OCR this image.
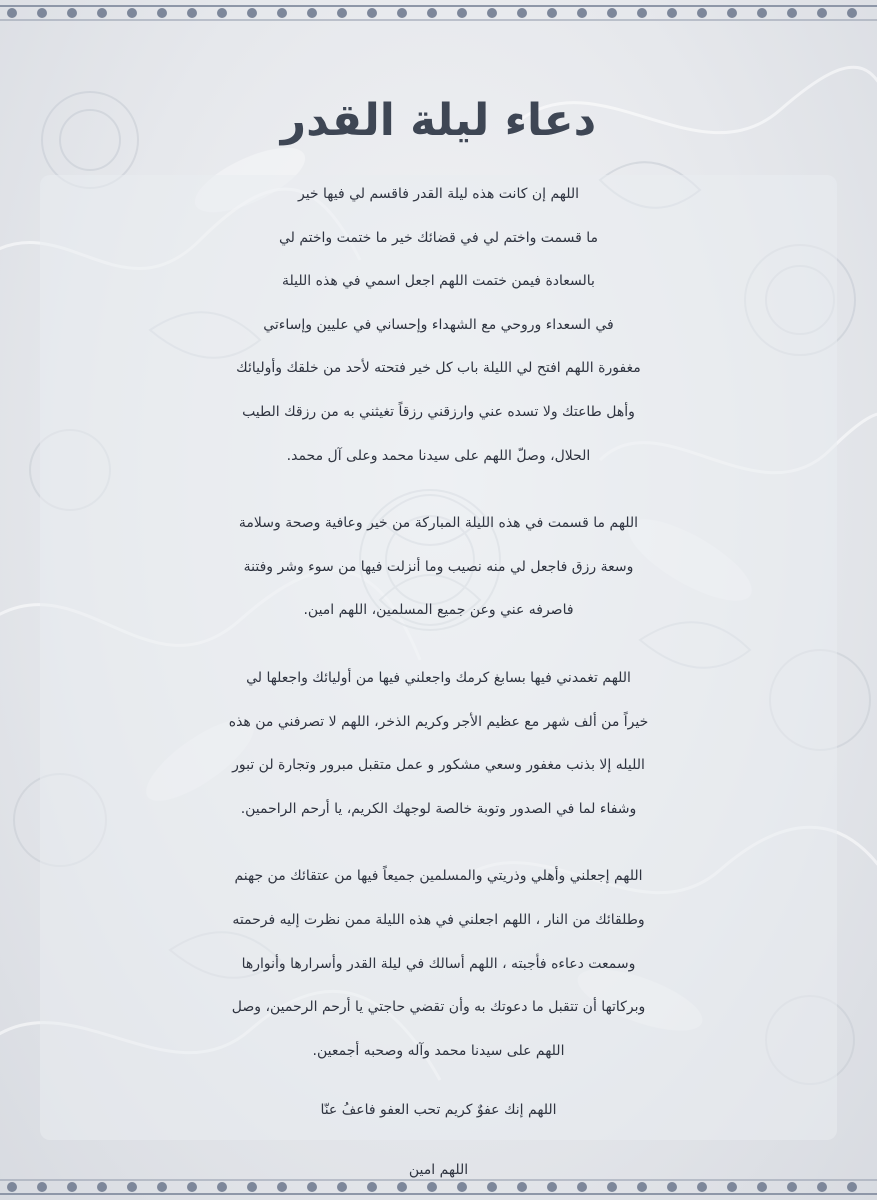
دعاء ليلة القدر

اللهم إن كانت هذه ليلة القدر فاقسم لي فيها خير
ما قسمت واختم لي في قضائك خير ما ختمت واختم لي
بالسعادة فيمن ختمت اللهم اجعل اسمي في هذه الليلة
في السعداء وروحي مع الشهداء وإحساني في عليين وإساءتي
مغفورة اللهم افتح لي الليلة باب كل خير فتحته لأحد من خلقك وأوليائك
وأهل طاعتك ولا تسده عني وارزقني رزقاً تغيثني به من رزقك الطيب
الحلال، وصلّ اللهم على سيدنا محمد وعلى آل محمد.

اللهم ما قسمت في هذه الليلة المباركة من خير وعافية وصحة وسلامة
وسعة رزق فاجعل لي منه نصيب وما أنزلت فيها من سوء وشر وفتنة
فاصرفه عني وعن جميع المسلمين، اللهم امين.

اللهم تغمدني فيها بسابغ كرمك واجعلني فيها من أوليائك واجعلها لي
خيراً من ألف شهر مع عظيم الأجر وكريم الذخر، اللهم لا تصرفني من هذه
الليله إلا بذنب مغفور وسعي مشكور و عمل متقبل مبرور وتجارة لن تبور
وشفاء لما في الصدور وتوبة خالصة لوجهك الكريم، يا أرحم الراحمين.

اللهم إجعلني وأهلي وذريتي والمسلمين جميعاً فيها من عتقائك من جهنم
وطلقائك من النار ، اللهم اجعلني في هذه الليلة ممن نظرت إليه فرحمته
وسمعت دعاءه فأجبته ، اللهم أسالك في ليلة القدر وأسرارها وأنوارها
وبركاتها أن تتقبل ما دعوتك به وأن تقضي حاجتي يا أرحم الرحمين، وصل
اللهم على سيدنا محمد وآله وصحبه أجمعين.

اللهم إنك عفوٌ كريم تحب العفو فاعفُ عنّا

اللهم امين
